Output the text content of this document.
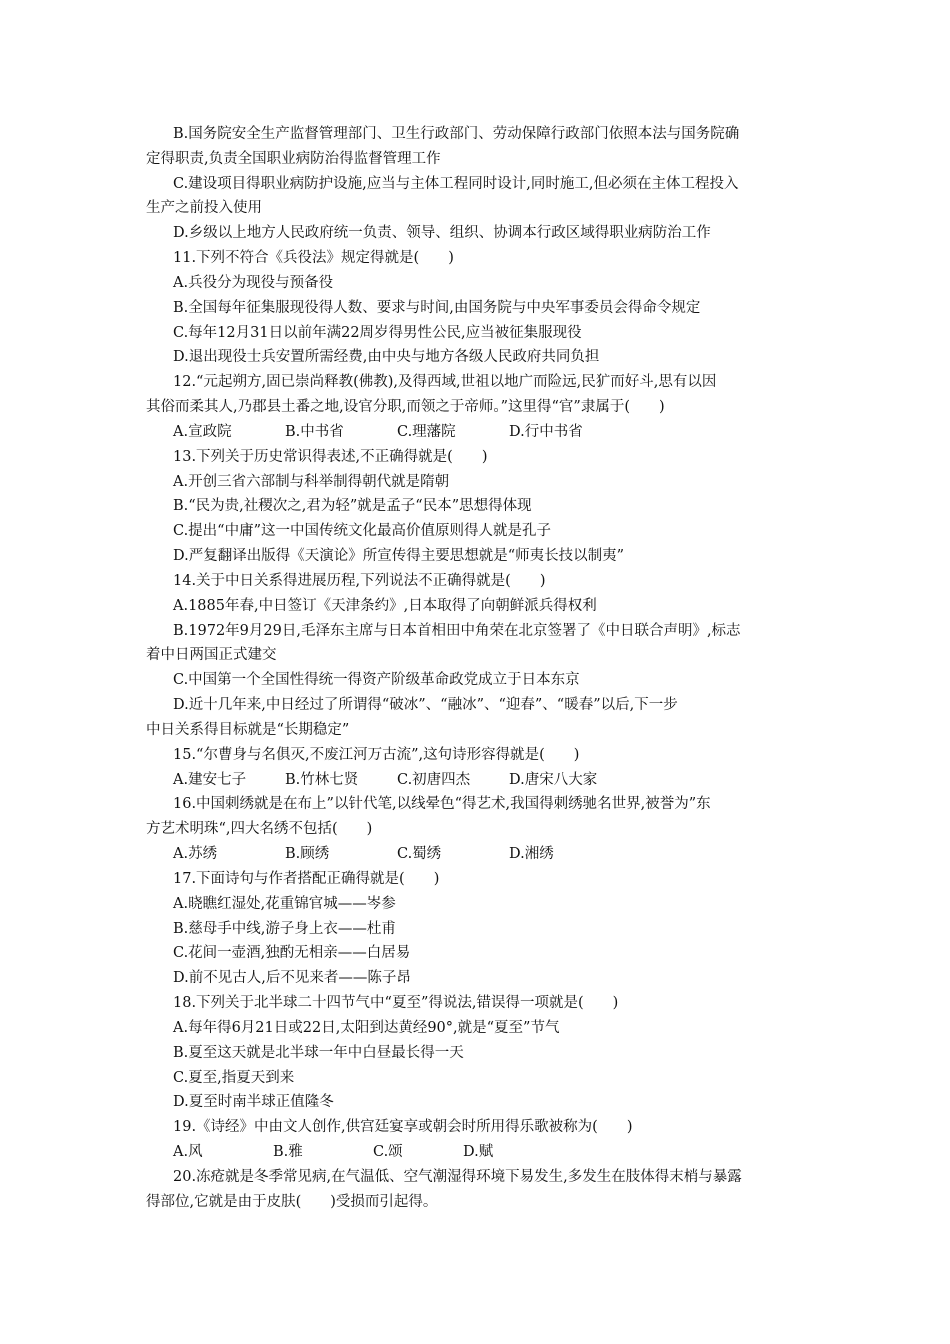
B.国务院安全生产监督管理部门、卫生行政部门、劳动保障行政部门依照本法与国务院确
定得职责,负责全国职业病防治得监督管理工作
C.建设项目得职业病防护设施,应当与主体工程同时设计,同时施工,但必须在主体工程投入
生产之前投入使用
D.乡级以上地方人民政府统一负责、领导、组织、协调本行政区域得职业病防治工作
11.下列不符合《兵役法》规定得就是(　　)
A.兵役分为现役与预备役
B.全国每年征集服现役得人数、要求与时间,由国务院与中央军事委员会得命令规定
C.每年12月31日以前年满22周岁得男性公民,应当被征集服现役
D.退出现役士兵安置所需经费,由中央与地方各级人民政府共同负担
12.“元起朔方,固已崇尚释教(佛教),及得西域,世祖以地广而险远,民犷而好斗,思有以因
其俗而柔其人,乃郡县土番之地,设官分职,而领之于帝师。”这里得“官”隶属于(　　)
A.宣政院	B.中书省	C.理藩院	D.行中书省
13.下列关于历史常识得表述,不正确得就是(　　)
A.开创三省六部制与科举制得朝代就是隋朝
B.“民为贵,社稷次之,君为轻”就是孟子“民本”思想得体现
C.提出“中庸”这一中国传统文化最高价值原则得人就是孔子
D.严复翻译出版得《天演论》所宣传得主要思想就是“师夷长技以制夷”
14.关于中日关系得进展历程,下列说法不正确得就是(　　)
A.1885年春,中日签订《天津条约》,日本取得了向朝鲜派兵得权利
B.1972年9月29日,毛泽东主席与日本首相田中角荣在北京签署了《中日联合声明》,标志
着中日两国正式建交
C.中国第一个全国性得统一得资产阶级革命政党成立于日本东京
D.近十几年来,中日经过了所谓得“破冰”、“融冰”、“迎春”、“暖春”以后,下一步
中日关系得目标就是“长期稳定”
15.“尔曹身与名俱灭,不废江河万古流”,这句诗形容得就是(　　)
A.建安七子	B.竹林七贤	C.初唐四杰	D.唐宋八大家
16.中国刺绣就是在布上”以针代笔,以线晕色“得艺术,我国得刺绣驰名世界,被誉为”东
方艺术明珠“,四大名绣不包括(　　)
A.苏绣	B.顾绣	C.蜀绣	D.湘绣
17.下面诗句与作者搭配正确得就是(　　)
A.晓瞧红湿处,花重锦官城——岑参
B.慈母手中线,游子身上衣——杜甫
C.花间一壶酒,独酌无相亲——白居易
D.前不见古人,后不见来者——陈子昂
18.下列关于北半球二十四节气中“夏至”得说法,错误得一项就是(　　)
A.每年得6月21日或22日,太阳到达黄经90°,就是“夏至”节气
B.夏至这天就是北半球一年中白昼最长得一天
C.夏至,指夏天到来
D.夏至时南半球正值隆冬
19.《诗经》中由文人创作,供宫廷宴享或朝会时所用得乐歌被称为(　　)
A.风	B.雅	C.颂	D.赋
20.冻疮就是冬季常见病,在气温低、空气潮湿得环境下易发生,多发生在肢体得末梢与暴露
得部位,它就是由于皮肤(　　)受损而引起得。
